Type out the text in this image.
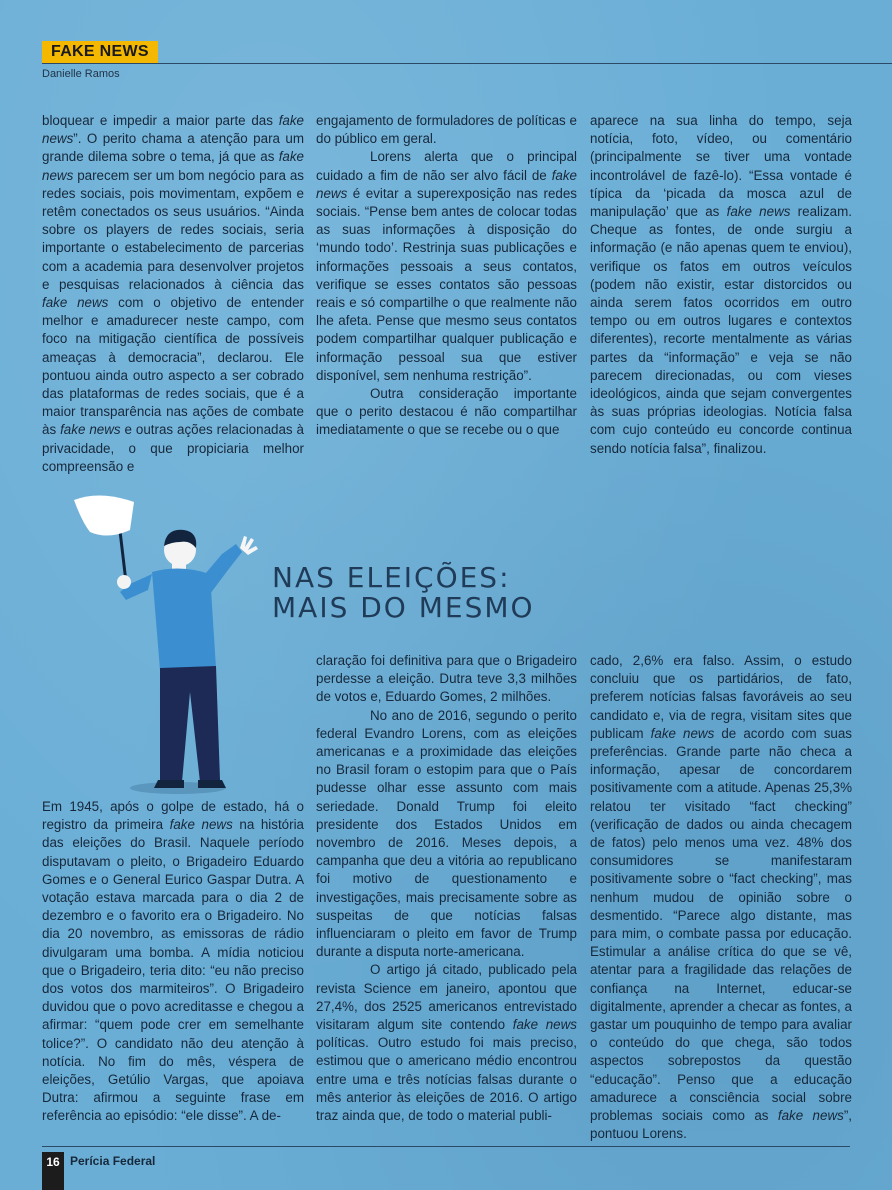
FAKE NEWS
Danielle Ramos

bloquear e impedir a maior parte das fake news”. O perito chama a atenção para um grande dilema sobre o tema, já que as fake news parecem ser um bom negócio para as redes sociais, pois movimentam, expõem e retêm conectados os seus usuários. “Ainda sobre os players de redes sociais, seria importante o estabelecimento de parcerias com a academia para desenvolver projetos e pesquisas relacionados à ciência das fake news com o objetivo de entender melhor e amadurecer neste campo, com foco na mitigação científica de possíveis ameaças à democracia”, declarou. Ele pontuou ainda outro aspecto a ser cobrado das plataformas de redes sociais, que é a maior transparência nas ações de combate às fake news e outras ações relacionadas à privacidade, o que propiciaria melhor compreensão e

engajamento de formuladores de políticas e do público em geral.

Lorens alerta que o principal cuidado a fim de não ser alvo fácil de fake news é evitar a superexposição nas redes sociais. “Pense bem antes de colocar todas as suas informações à disposição do ‘mundo todo’. Restrinja suas publicações e informações pessoais a seus contatos, verifique se esses contatos são pessoas reais e só compartilhe o que realmente não lhe afeta. Pense que mesmo seus contatos podem compartilhar qualquer publicação e informação pessoal sua que estiver disponível, sem nenhuma restrição”.

Outra consideração importante que o perito destacou é não compartilhar imediatamente o que se recebe ou o que

aparece na sua linha do tempo, seja notícia, foto, vídeo, ou comentário (principalmente se tiver uma vontade incontrolável de fazê-lo). “Essa vontade é típica da ‘picada da mosca azul de manipulação’ que as fake news realizam. Cheque as fontes, de onde surgiu a informação (e não apenas quem te enviou), verifique os fatos em outros veículos (podem não existir, estar distorcidos ou ainda serem fatos ocorridos em outro tempo ou em outros lugares e contextos diferentes), recorte mentalmente as várias partes da “informação” e veja se não parecem direcionadas, ou com vieses ideológicos, ainda que sejam convergentes às suas próprias ideologias. Notícia falsa com cujo conteúdo eu concorde continua sendo notícia falsa”, finalizou.

NAS ELEIÇÕES:
MAIS DO MESMO

Em 1945, após o golpe de estado, há o registro da primeira fake news na história das eleições do Brasil. Naquele período disputavam o pleito, o Brigadeiro Eduardo Gomes e o General Eurico Gaspar Dutra. A votação estava marcada para o dia 2 de dezembro e o favorito era o Brigadeiro. No dia 20 novembro, as emissoras de rádio divulgaram uma bomba. A mídia noticiou que o Brigadeiro, teria dito: “eu não preciso dos votos dos marmiteiros”. O Brigadeiro duvidou que o povo acreditasse e chegou a afirmar: “quem pode crer em semelhante tolice?”. O candidato não deu atenção à notícia. No fim do mês, véspera de eleições, Getúlio Vargas, que apoiava Dutra: afirmou a seguinte frase em referência ao episódio: “ele disse”. A de-

claração foi definitiva para que o Brigadeiro perdesse a eleição. Dutra teve 3,3 milhões de votos e, Eduardo Gomes, 2 milhões.

No ano de 2016, segundo o perito federal Evandro Lorens, com as eleições americanas e a proximidade das eleições no Brasil foram o estopim para que o País pudesse olhar esse assunto com mais seriedade. Donald Trump foi eleito presidente dos Estados Unidos em novembro de 2016. Meses depois, a campanha que deu a vitória ao republicano foi motivo de questionamento e investigações, mais precisamente sobre as suspeitas de que notícias falsas influenciaram o pleito em favor de Trump durante a disputa norte-americana.

O artigo já citado, publicado pela revista Science em janeiro, apontou que 27,4%, dos 2525 americanos entrevistado visitaram algum site contendo fake news políticas. Outro estudo foi mais preciso, estimou que o americano médio encontrou entre uma e três notícias falsas durante o mês anterior às eleições de 2016. O artigo traz ainda que, de todo o material publi-

cado, 2,6% era falso. Assim, o estudo concluiu que os partidários, de fato, preferem notícias falsas favoráveis ao seu candidato e, via de regra, visitam sites que publicam fake news de acordo com suas preferências. Grande parte não checa a informação, apesar de concordarem positivamente com a atitude. Apenas 25,3% relatou ter visitado “fact checking” (verificação de dados ou ainda checagem de fatos) pelo menos uma vez. 48% dos consumidores se manifestaram positivamente sobre o “fact checking”, mas nenhum mudou de opinião sobre o desmentido. “Parece algo distante, mas para mim, o combate passa por educação. Estimular a análise crítica do que se vê, atentar para a fragilidade das relações de confiança na Internet, educar-se digitalmente, aprender a checar as fontes, a gastar um pouquinho de tempo para avaliar o conteúdo do que chega, são todos aspectos sobrepostos da questão “educação”. Penso que a educação amadurece a consciência social sobre problemas sociais como as fake news”, pontuou Lorens.

16 Perícia Federal
